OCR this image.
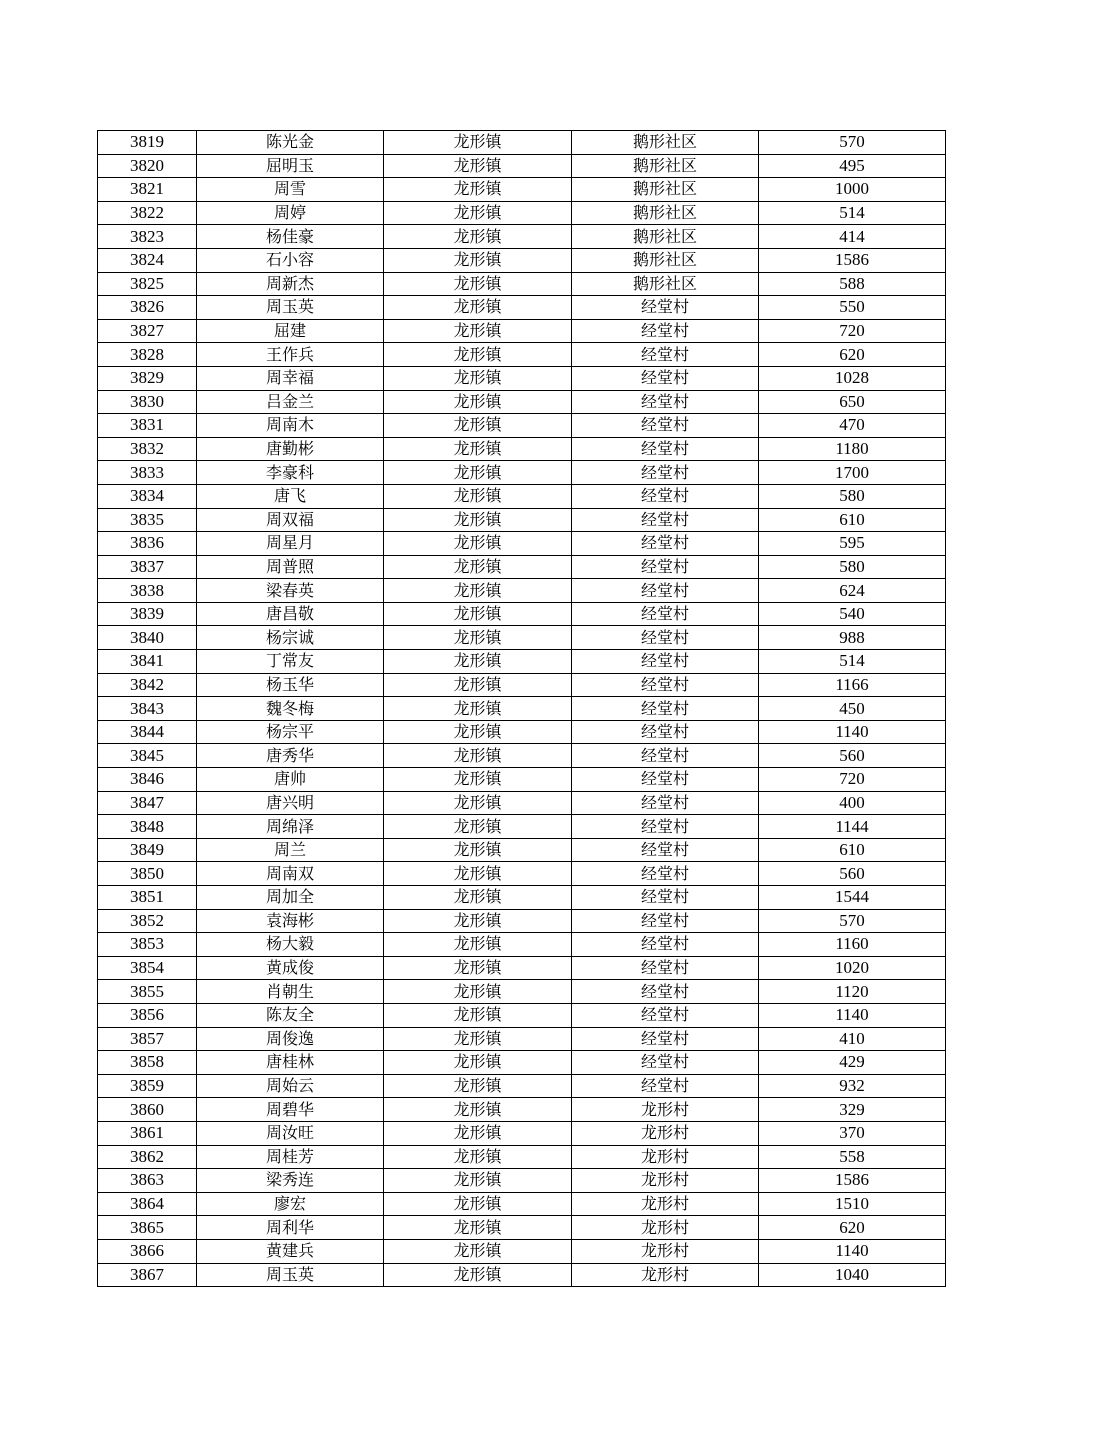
3819	陈光金	龙形镇	鹅形社区	570
3820	屈明玉	龙形镇	鹅形社区	495
3821	周雪	龙形镇	鹅形社区	1000
3822	周婷	龙形镇	鹅形社区	514
3823	杨佳豪	龙形镇	鹅形社区	414
3824	石小容	龙形镇	鹅形社区	1586
3825	周新杰	龙形镇	鹅形社区	588
3826	周玉英	龙形镇	经堂村	550
3827	屈建	龙形镇	经堂村	720
3828	王作兵	龙形镇	经堂村	620
3829	周幸福	龙形镇	经堂村	1028
3830	吕金兰	龙形镇	经堂村	650
3831	周南木	龙形镇	经堂村	470
3832	唐勤彬	龙形镇	经堂村	1180
3833	李豪科	龙形镇	经堂村	1700
3834	唐飞	龙形镇	经堂村	580
3835	周双福	龙形镇	经堂村	610
3836	周星月	龙形镇	经堂村	595
3837	周普照	龙形镇	经堂村	580
3838	梁春英	龙形镇	经堂村	624
3839	唐昌敬	龙形镇	经堂村	540
3840	杨宗诚	龙形镇	经堂村	988
3841	丁常友	龙形镇	经堂村	514
3842	杨玉华	龙形镇	经堂村	1166
3843	魏冬梅	龙形镇	经堂村	450
3844	杨宗平	龙形镇	经堂村	1140
3845	唐秀华	龙形镇	经堂村	560
3846	唐帅	龙形镇	经堂村	720
3847	唐兴明	龙形镇	经堂村	400
3848	周绵泽	龙形镇	经堂村	1144
3849	周兰	龙形镇	经堂村	610
3850	周南双	龙形镇	经堂村	560
3851	周加全	龙形镇	经堂村	1544
3852	袁海彬	龙形镇	经堂村	570
3853	杨大毅	龙形镇	经堂村	1160
3854	黄成俊	龙形镇	经堂村	1020
3855	肖朝生	龙形镇	经堂村	1120
3856	陈友全	龙形镇	经堂村	1140
3857	周俊逸	龙形镇	经堂村	410
3858	唐桂林	龙形镇	经堂村	429
3859	周始云	龙形镇	经堂村	932
3860	周碧华	龙形镇	龙形村	329
3861	周汝旺	龙形镇	龙形村	370
3862	周桂芳	龙形镇	龙形村	558
3863	梁秀连	龙形镇	龙形村	1586
3864	廖宏	龙形镇	龙形村	1510
3865	周利华	龙形镇	龙形村	620
3866	黄建兵	龙形镇	龙形村	1140
3867	周玉英	龙形镇	龙形村	1040
